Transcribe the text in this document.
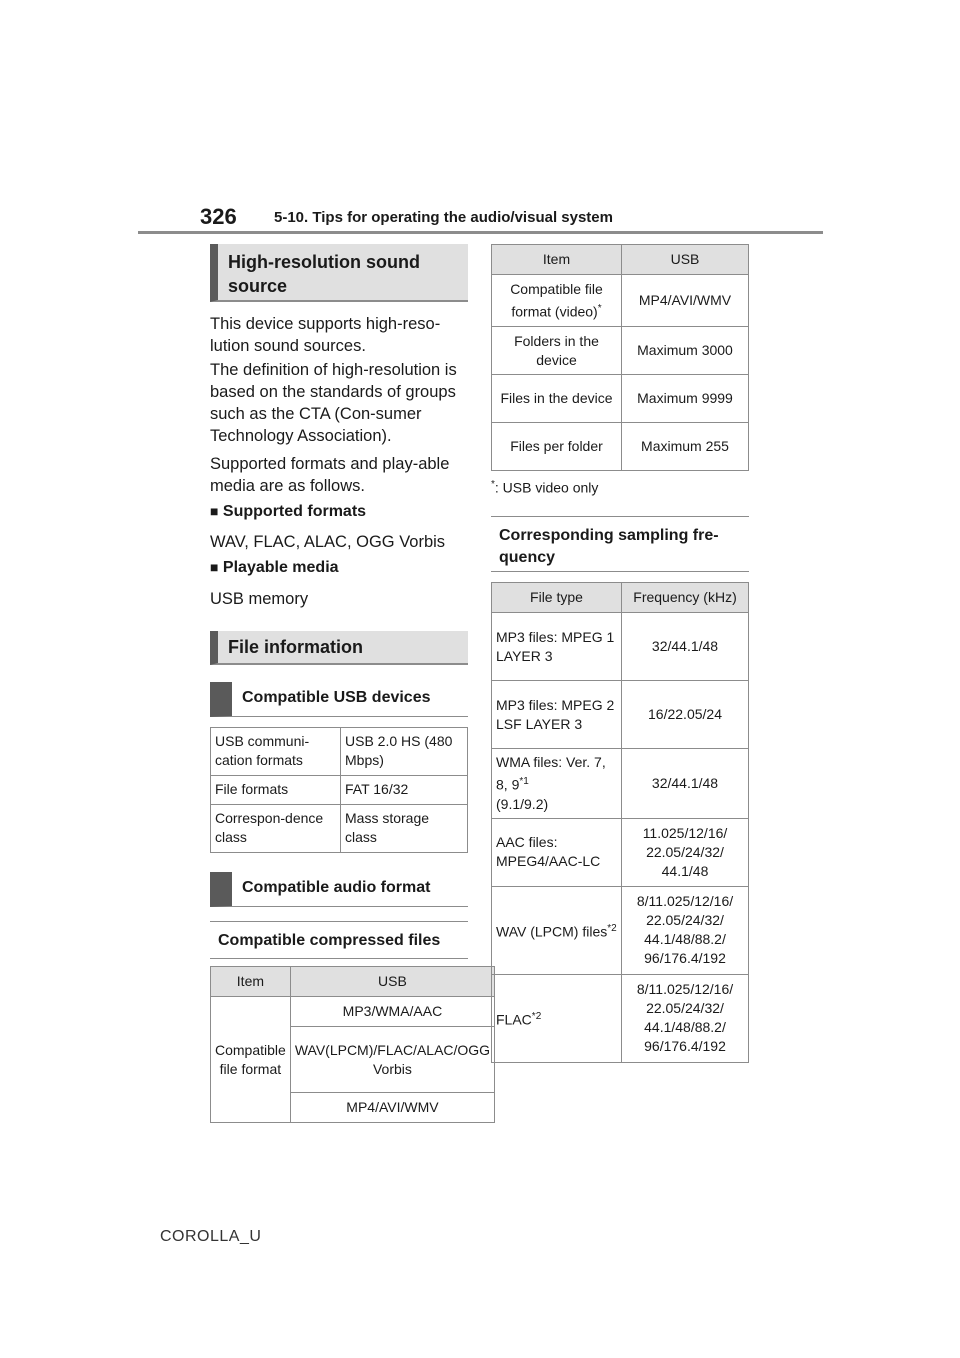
326 5-10. Tips for operating the audio/visual system
High-resolution sound source
This device supports high-reso-lution sound sources.
The definition of high-resolution is based on the standards of groups such as the CTA (Con-sumer Technology Association).
Supported formats and play-able media are as follows.
■ Supported formats
WAV, FLAC, ALAC, OGG Vorbis
■ Playable media
USB memory
File information
Compatible USB devices
USB communi-cation formats	USB 2.0 HS (480 Mbps)
File formats	FAT 16/32
Correspon-dence class	Mass storage class
Compatible audio format
Compatible compressed files
Item	USB
Compatible file format	MP3/WMA/AAC
	WAV(LPCM)/FLAC/ALAC/OGG Vorbis
	MP4/AVI/WMV
Item	USB
Compatible file format (video)*	MP4/AVI/WMV
Folders in the device	Maximum 3000
Files in the device	Maximum 9999
Files per folder	Maximum 255
*: USB video only
Corresponding sampling fre-quency
File type	Frequency (kHz)
MP3 files: MPEG 1 LAYER 3	32/44.1/48
MP3 files: MPEG 2 LSF LAYER 3	16/22.05/24
WMA files: Ver. 7, 8, 9$^{*1}$
(9.1/9.2)	32/44.1/48
AAC files: MPEG4/AAC-LC	11.025/12/16/ 22.05/24/32/ 44.1/48
WAV (LPCM) files$^{*2}$	8/11.025/12/16/ 22.05/24/32/ 44.1/48/88.2/ 96/176.4/192
FLAC$^{*2}$	8/11.025/12/16/ 22.05/24/32/ 44.1/48/88.2/ 96/176.4/192
COROLLA_U
